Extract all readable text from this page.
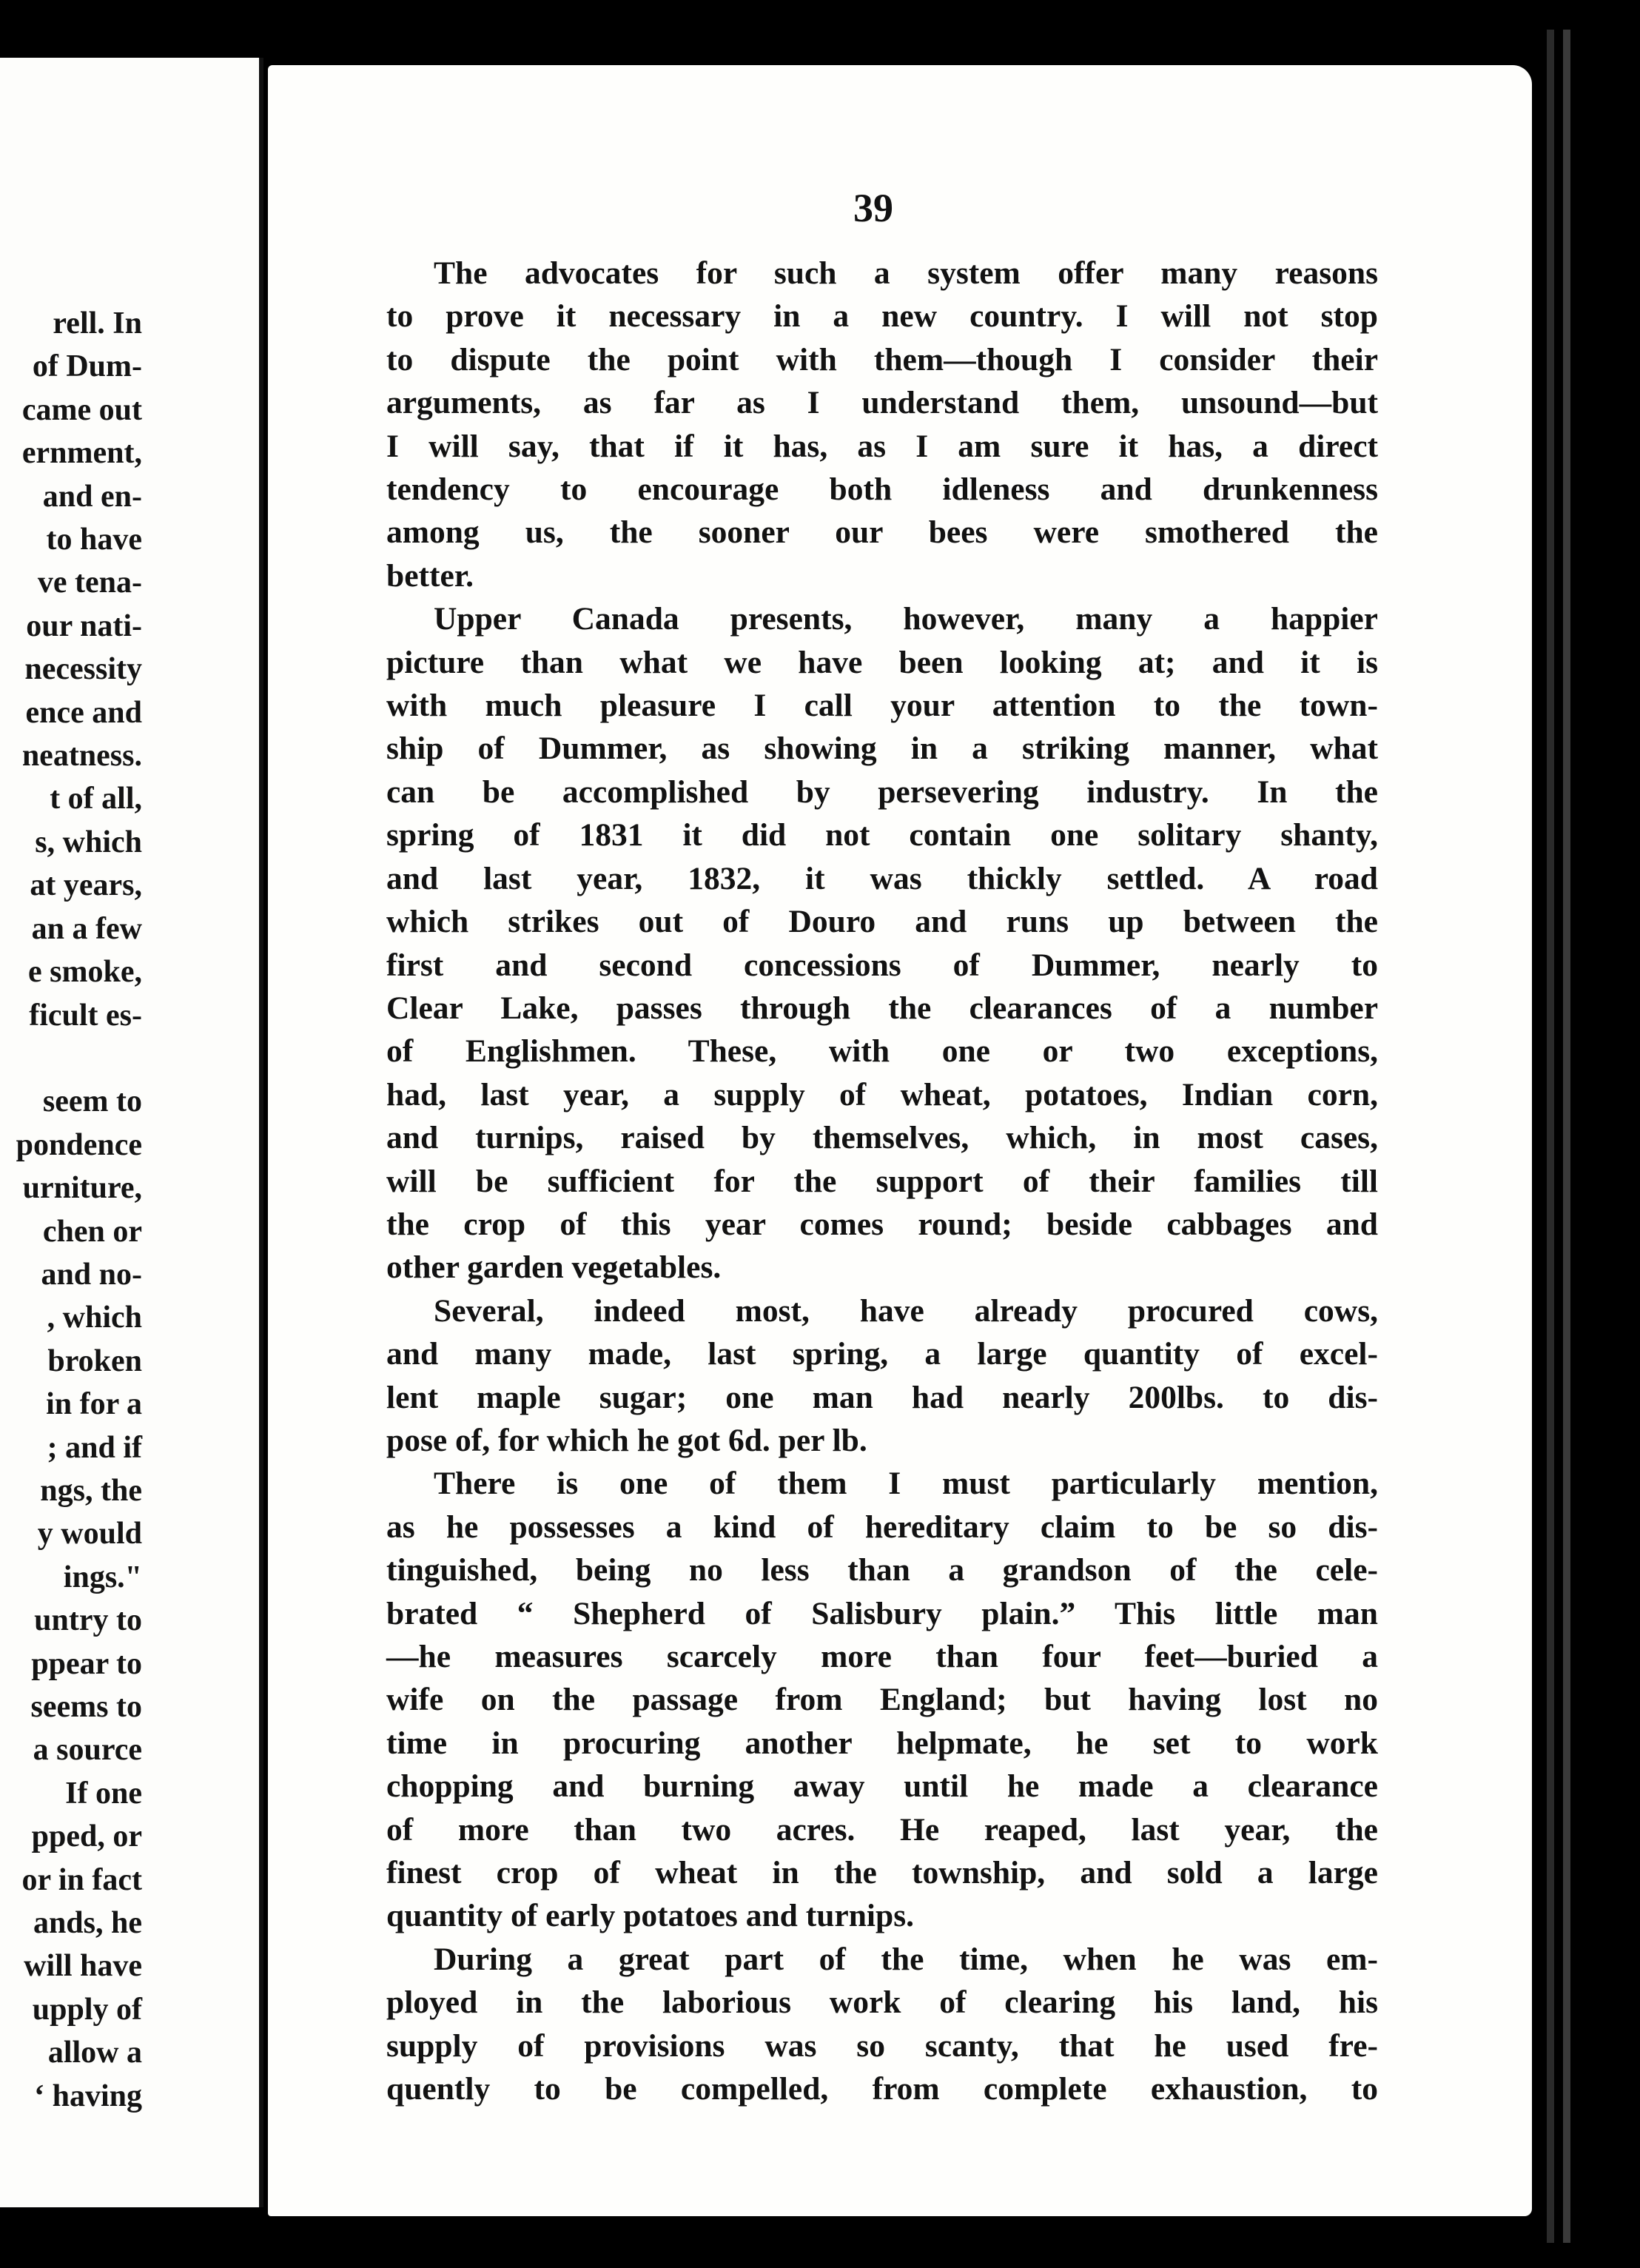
rell. In
of Dum-
came out
ernment,
and en-
to have
ve tena-
our nati-
necessity
ence and
neatness.
t of all,
s, which
at years,
an a few
e smoke,
ficult es-
seem to
pondence
urniture,
chen or
and no-
, which
broken
in for a
; and if
ngs, the
y would
ings."
untry to
ppear to
seems to
a source
If one
pped, or
or in fact
ands, he
will have
upply of
allow a
‘ having
39
The advocates for such a system offer many reasons
to prove it necessary in a new country. I will not stop
to dispute the point with them—though I consider their
arguments, as far as I understand them, unsound—but
I will say, that if it has, as I am sure it has, a direct
tendency to encourage both idleness and drunkenness
among us, the sooner our bees were smothered the
better.
Upper Canada presents, however, many a happier
picture than what we have been looking at; and it is
with much pleasure I call your attention to the town-
ship of Dummer, as showing in a striking manner, what
can be accomplished by persevering industry. In the
spring of 1831 it did not contain one solitary shanty,
and last year, 1832, it was thickly settled. A road
which strikes out of Douro and runs up between the
first and second concessions of Dummer, nearly to
Clear Lake, passes through the clearances of a number
of Englishmen. These, with one or two exceptions,
had, last year, a supply of wheat, potatoes, Indian corn,
and turnips, raised by themselves, which, in most cases,
will be sufficient for the support of their families till
the crop of this year comes round; beside cabbages and
other garden vegetables.
Several, indeed most, have already procured cows,
and many made, last spring, a large quantity of excel-
lent maple sugar; one man had nearly 200lbs. to dis-
pose of, for which he got 6d. per lb.
There is one of them I must particularly mention,
as he possesses a kind of hereditary claim to be so dis-
tinguished, being no less than a grandson of the cele-
brated “ Shepherd of Salisbury plain.” This little man
—he measures scarcely more than four feet—buried a
wife on the passage from England; but having lost no
time in procuring another helpmate, he set to work
chopping and burning away until he made a clearance
of more than two acres. He reaped, last year, the
finest crop of wheat in the township, and sold a large
quantity of early potatoes and turnips.
During a great part of the time, when he was em-
ployed in the laborious work of clearing his land, his
supply of provisions was so scanty, that he used fre-
quently to be compelled, from complete exhaustion, to
